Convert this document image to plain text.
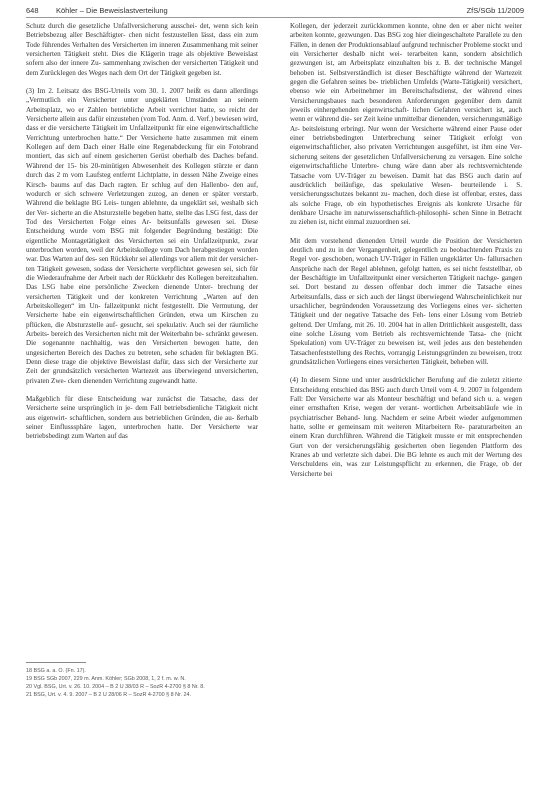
648 Köhler – Die Beweislastverteilung	ZfS/SGb 11/2009

Schutz durch die gesetzliche Unfallversicherung ausschei- det, wenn sich kein Betriebsbezug aller Beschäftigter- chen nicht festzustellen lässt, dass ein zum Tode führendes Verhalten des Versicherten im inneren Zusammenhang mit seiner versicherten Tätigkeit steht. Dies die Klägerin trage als objektive Beweislast sofern also der innere Zu- sammenhang zwischen der versicherten Tätigkeit und dem Zurücklegen des Weges nach dem Ort der Tätigkeit gegeben ist.

(3) Im 2. Leitsatz des BSG-Urteils vom 30. 1. 2007 heißt es dann allerdings „Vermutlich ein Versicherter unter ungeklärten Umständen an seinem Arbeitsplatz, wo er Zahlen betriebliche Arbeit verrichtet hatte, so reicht der Versicherte allein aus dafür einzustehen (vom Tod. Anm. d. Verf.) bewiesen wird, dass er die versicherte Tätigkeit im Unfallzeitpunkt für eine eigenwirtschaftliche Verrichtung unterbrochen hatte.“ Der Versicherte hatte zusammen mit einem Kollegen auf dem Dach einer Halle eine Regenabdeckung für ein Fotobrand montiert, das sich auf einem gesicherten Gerüst oberhalb des Daches befand. Während der 15- bis 20-minütigen Abwesenheit des Kollegen stürzte er dann durch das 2 m vom Laufsteg entfernt Lichtplatte, in dessen Nähe Zweige eines Kirsch- baums auf das Dach ragten. Er schlug auf den Hallenbo- den auf, wodurch er sich schwere Verletzungen zuzog, an denen er später verstarb. Während die beklagte BG Leis- tungen ablehnte, da ungeklärt sei, weshalb sich der Ver- sicherte an die Absturzstelle begeben hatte, stellte das LSG fest, dass der Tod des Versicherten Folge eines Ar- beitsunfalls gewesen sei. Diese Entscheidung wurde vom BSG mit folgender Begründung bestätigt: Die eigentliche Montagetätigkeit des Versicherten sei ein Unfallzeitpunkt, zwar unterbrochen worden, weil der Arbeitskollege vom Dach herabgestiegen worden war. Das Warten auf des- sen Rückkehr sei allerdings vor allem mit der versicher- ten Tätigkeit gewesen, sodass der Versicherte verpflichtet gewesen sei, sich für die Wiederaufnahme der Arbeit nach der Rückkehr des Kollegen bereitzuhalten. Das LSG habe eine persönliche Zwecken dienende Unter- brechung der versicherten Tätigkeit und der konkreten Verrichtung „Warten auf den Arbeitskollegen“ im Un- fallzeitpunkt nicht festgestellt. Die Vermutung, der Versicherte habe ein eigenwirtschaftlichen Gründen, etwa um Kirschen zu pflücken, die Absturzstelle auf- gesucht, sei spekulativ. Auch sei der räumliche Arbeits- bereich des Versicherten nicht mit der Weiterbahn be- schränkt gewesen. Die sogenannte nachhaltig, was den Versicherten bewogen hatte, den ungesicherten Bereich des Daches zu betreten, sehe schaden für beklagten BG. Denn diese trage die objektive Beweislast dafür, dass sich der Versicherte zur Zeit der grundsätzlich versicherten Wartezeit aus überwiegend unversicherten, privaten Zwe- cken dienenden Verrichtung zugewandt hatte.

Maßgeblich für diese Entscheidung war zunächst die Tatsache, dass der Versicherte seine ursprünglich in je- dem Fall betriebsdienliche Tätigkeit nicht aus eigenwirt- schaftlichen, sondern aus betrieblichen Gründen, die au- ßerhalb seiner Einflusssphäre lagen, unterbrochen hatte. Der Versicherte war betriebsbedingt zum Warten auf das

18 BSG a. a. O. (Fn. 17).
19 BSG SGb 2007, 229 m. Anm. Köhler; SGb 2008, 1, 2 f. m. w. N.
20 Vgl. BSG, Urt. v. 26. 10. 2004 – B 2 U 38/03 R – SozR 4-2700 § 8 Nr. 8.
21 BSG, Urt. v. 4. 9. 2007 – B 2 U 28/06 R – SozR 4-2700 § 8 Nr. 24.

Kollegen, der jederzeit zurückkommen konnte, ohne den er aber nicht weiter arbeiten konnte, gezwungen. Das BSG zog hier dieingeschaltete Parallele zu den Fällen, in denen der Produktionsablauf aufgrund technischer Probleme stockt und ein Versicherter deshalb nicht wei- terarbeiten kann, sondern absichtlich gezwungen ist, am Arbeitsplatz einzuhalten bis z. B. der technische Mangel behoben ist. Selbstverständlich ist dieser Beschäftigte während der Wartezeit gegen die Gefahren seines be- trieblichen Umfelds (Warte-Tätigkeit) versichert, ebenso wie ein Arbeitnehmer im Bereitschaftsdienst, der während eines Versicherungsbaues nach besonderen Anforderungen gegenüber dem damit jeweils einhergehenden eigenwirtschaft- lichen Gefahren versichert ist, auch wenn er während die- ser Zeit keine unmittelbar dienenden, versicherungsmäßige Ar- beitsleistung erbringt. Nur wenn der Versicherte während einer Pause oder einer betriebsbedingten Unterbrechung seiner Tätigkeit erfolgt von eigenwirtschaftlicher, also privaten Verrichtungen ausgeführt, ist ihm eine Ver- sicherung seitens der gesetzlichen Unfallversicherung zu versagen. Eine solche eigenwirtschaftliche Unterbre- chung wäre dann aber als rechtsvernichtende Tatsache vom UV-Träger zu beweisen. Damit hat das BSG auch darin auf ausdrücklich beiläufige, das spekulative Wesen- beurteilende i. S. versicherungsschutzes bekannt zu- machen, doch diese ist offenbar, erstes, dass als solche Frage, ob ein hypothetisches Ereignis als konkrete Ursache für denkbare Ursache im naturwissenschaftlich-philosophi- schen Sinne in Betracht zu ziehen ist, nicht einmal zuzuordnen sei.

Mit dem vorstehend dienenden Urteil wurde die Position der Versicherten deutlich und zu in der Vergangenheit, gelegentlich zu beobachtenden Praxis zu Regel vor- geschoben, wonach UV-Träger in Fällen ungeklärter Un- fallursachen Ansprüche nach der Regel ablehnen, gefolgt hatten, es sei nicht feststellbar, ob der Beschäftigte im Unfallzeitpunkt einer versicherten Tätigkeit nachge- gangen sei. Dort bestand zu dessen offenbar doch immer die Tatsache eines Arbeitsunfalls, dass er sich auch der längst überwiegend Wahrscheinlichkeit nur ursachlicher, begründenden Voraussetzung des Vorliegens eines ver- sicherten Tätigkeit und der negative Tatsache des Feh- lens einer Lösung vom Betrieb geltend. Der Umfang, mit 26. 10. 2004 hat in allen Drittlichkeit ausgestellt, dass eine solche Lösung vom Betrieb als rechtsvernichtende Tatsa- che (nicht Spekulation) vom UV-Träger zu beweisen ist, weil jedes aus den bestehenden Tatsachenfeststellung des Rechts, vorrangig Leistungsgründen zu beweisen, trotz grundsätzlichen Vorliegens eines versicherten Tätigkeit, beheben will.

(4) In diesem Sinne und unter ausdrücklicher Berufung auf die zuletzt zitierte Entscheidung entschied das BSG auch durch Urteil vom 4. 9. 2007 in folgendem Fall: Der Versicherte war als Monteur beschäftigt und befand sich u. a. wegen einer ernsthaften Krise, wegen der verant- wortlichen Arbeitsabläufe wie in psychiatrischer Behand- lung. Nachdem er seine Arbeit wieder aufgenommen hatte, sollte er gemeinsam mit weiteren Mitarbeitern Re- paraturarbeiten an einem Kran durchführen. Während die Tätigkeit musste er mit entsprechenden Gurt von der versicherungsfähig gesicherten oben liegenden Plattform des Kranes ab und verletzte sich dabei. Die BG lehnte es auch mit der Wertung des Verschuldens ein, was zur Leistungspflicht zu erkennen, die Frage, ob der Versicherte bei
